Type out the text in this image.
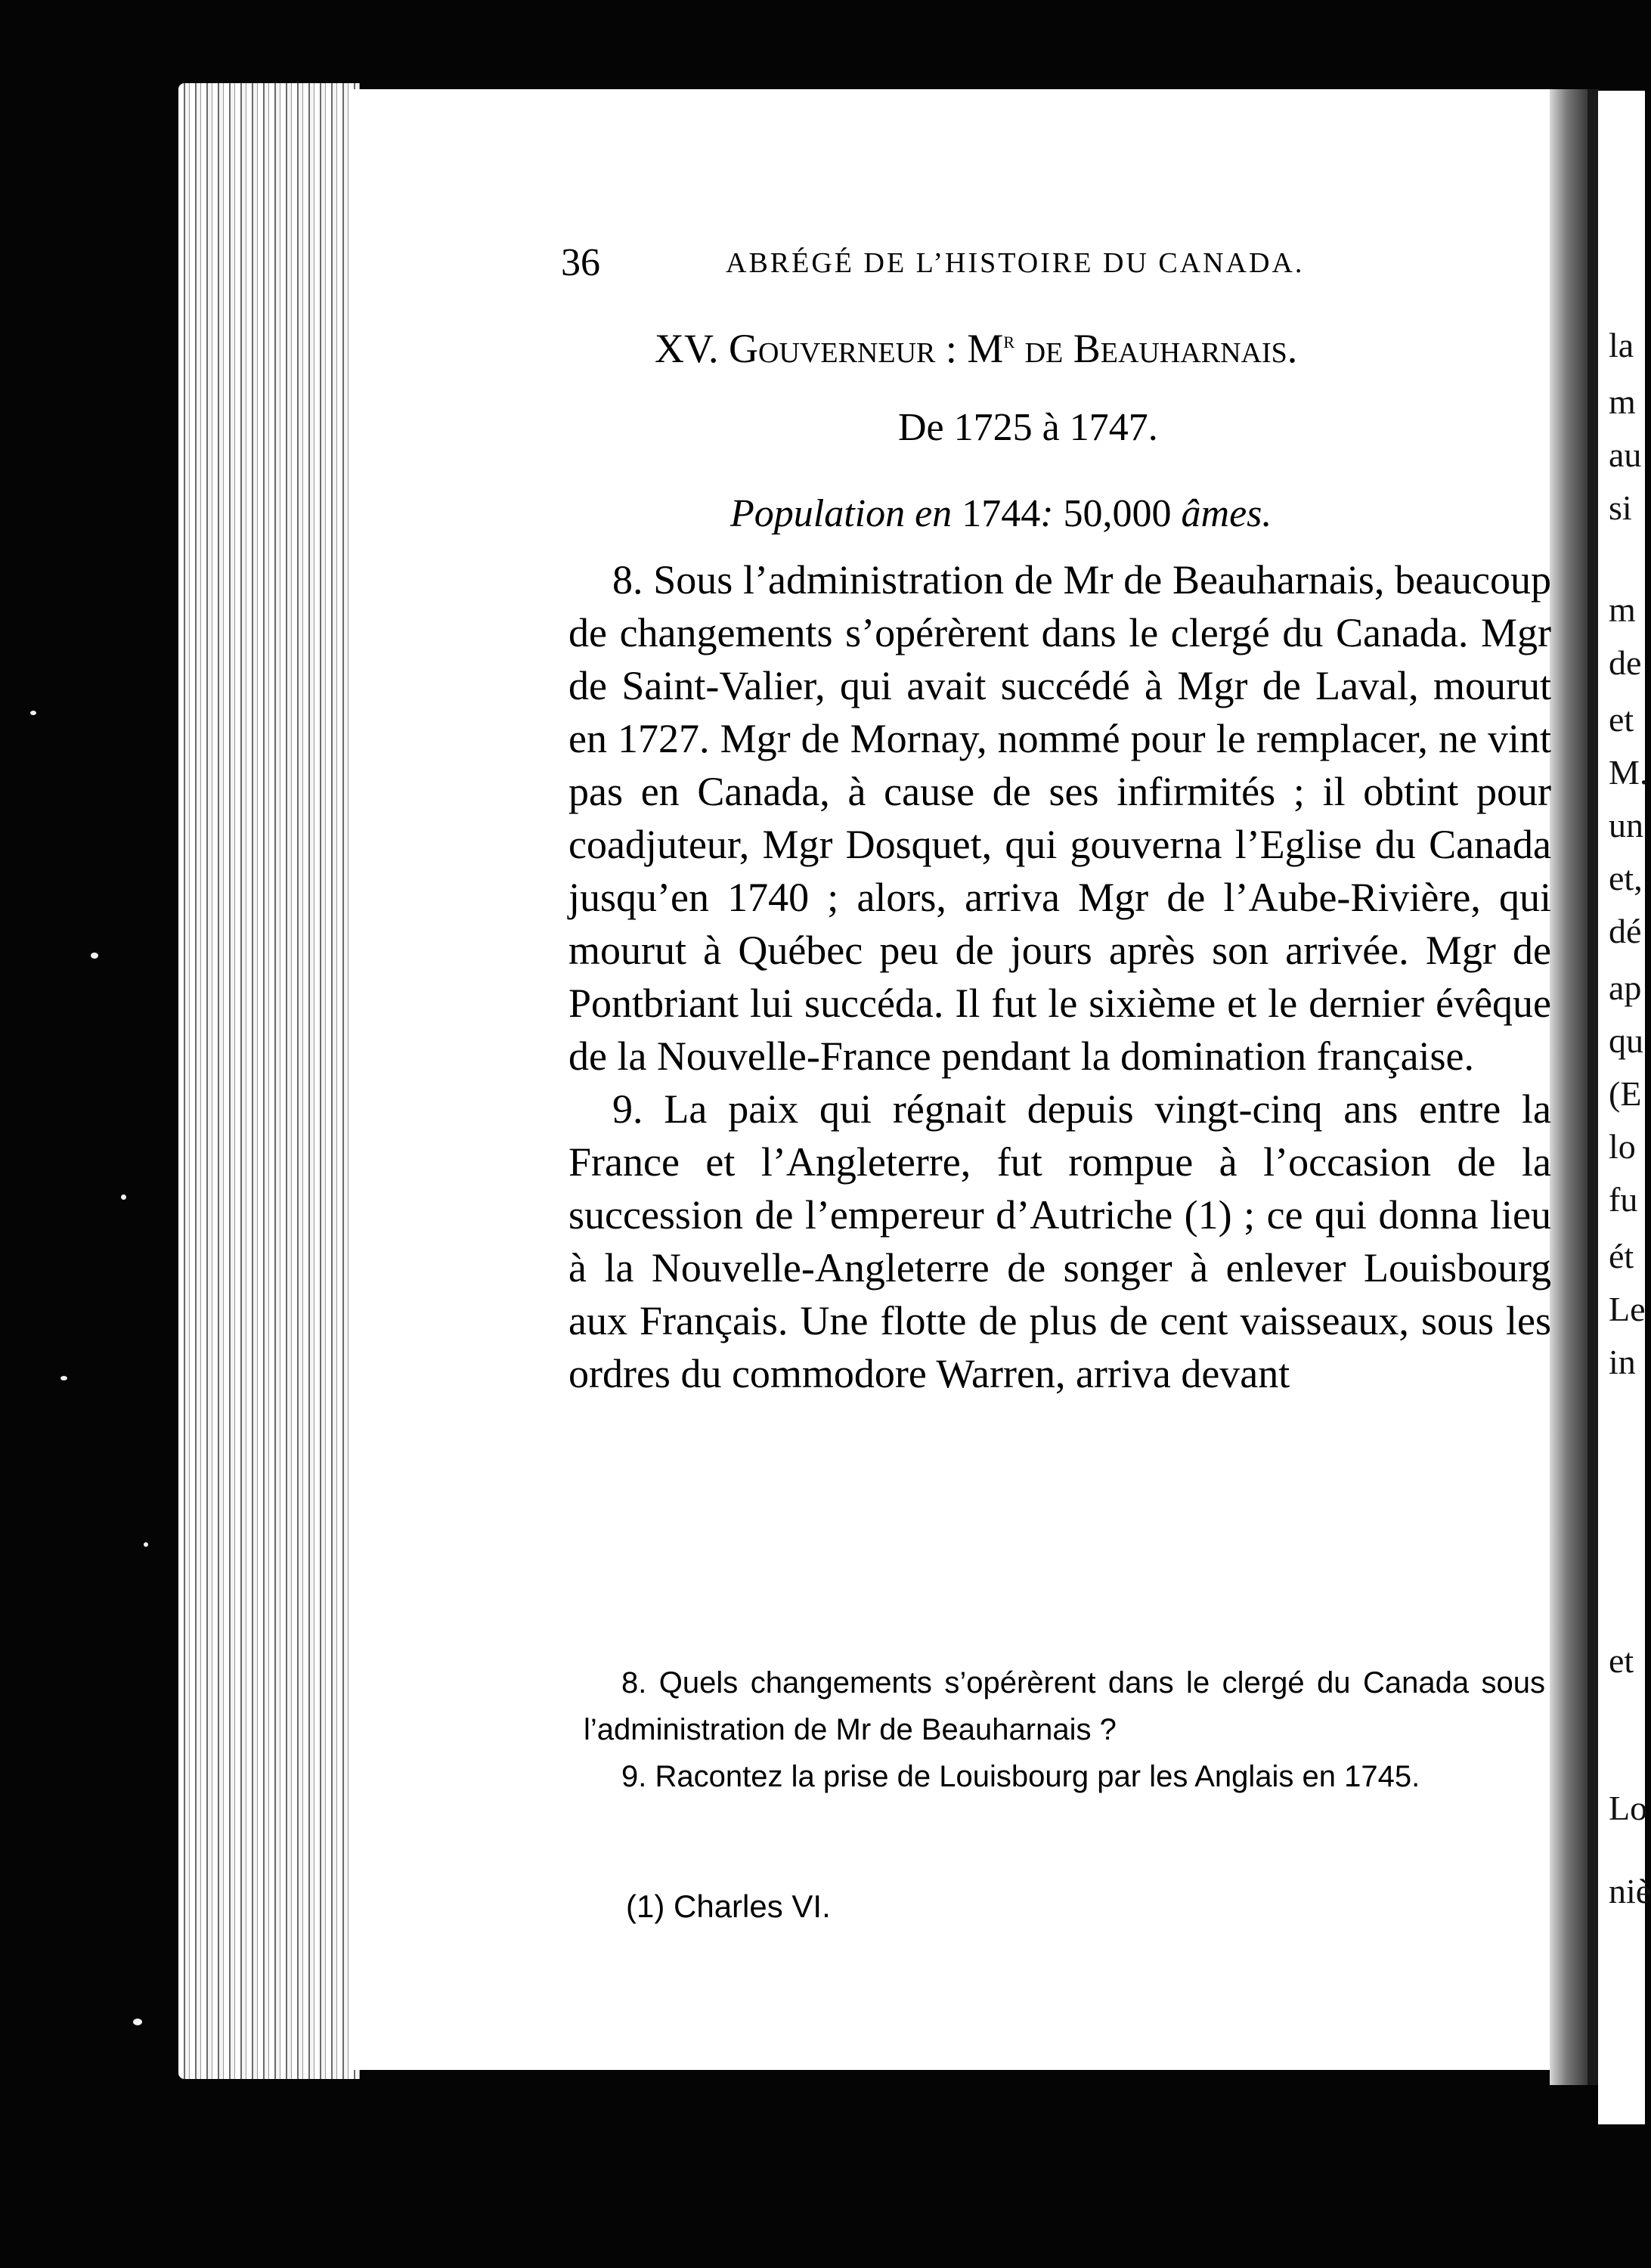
la
m
au
si
m
de
et
M.
un
et,
dé
ap
qu
(E
lo
fu
ét
Le
in
et
Lo
niè
36	ABRÉGÉ DE L’HISTOIRE DU CANADA.
XV. Gouverneur : $M^r$ de Beauharnais.
De 1725 à 1747.
Population en 1744: 50,000 âmes.

8. Sous l’administration de Mr de Beauharnais, beaucoup de changements s’opérèrent dans le clergé du Canada. Mgr de Saint-Valier, qui avait succédé à Mgr de Laval, mourut en 1727. Mgr de Mornay, nommé pour le remplacer, ne vint pas en Canada, à cause de ses infirmités ; il obtint pour coadjuteur, Mgr Dosquet, qui gouverna l’Eglise du Canada jusqu’en 1740 ; alors, arriva Mgr de l’Aube-Rivière, qui mourut à Québec peu de jours après son arrivée. Mgr de Pontbriant lui succéda. Il fut le sixième et le dernier évêque de la Nouvelle-France pendant la domination française.

9. La paix qui régnait depuis vingt-cinq ans entre la France et l’Angleterre, fut rompue à l’occasion de la succession de l’empereur d’Autriche (1) ; ce qui donna lieu à la Nouvelle-Angleterre de songer à enlever Louisbourg aux Français. Une flotte de plus de cent vaisseaux, sous les ordres du commodore Warren, arriva devant

8. Quels changements s’opérèrent dans le clergé du Canada sous l’administration de Mr de Beauharnais ?

9. Racontez la prise de Louisbourg par les Anglais en 1745.

(1) Charles VI.
